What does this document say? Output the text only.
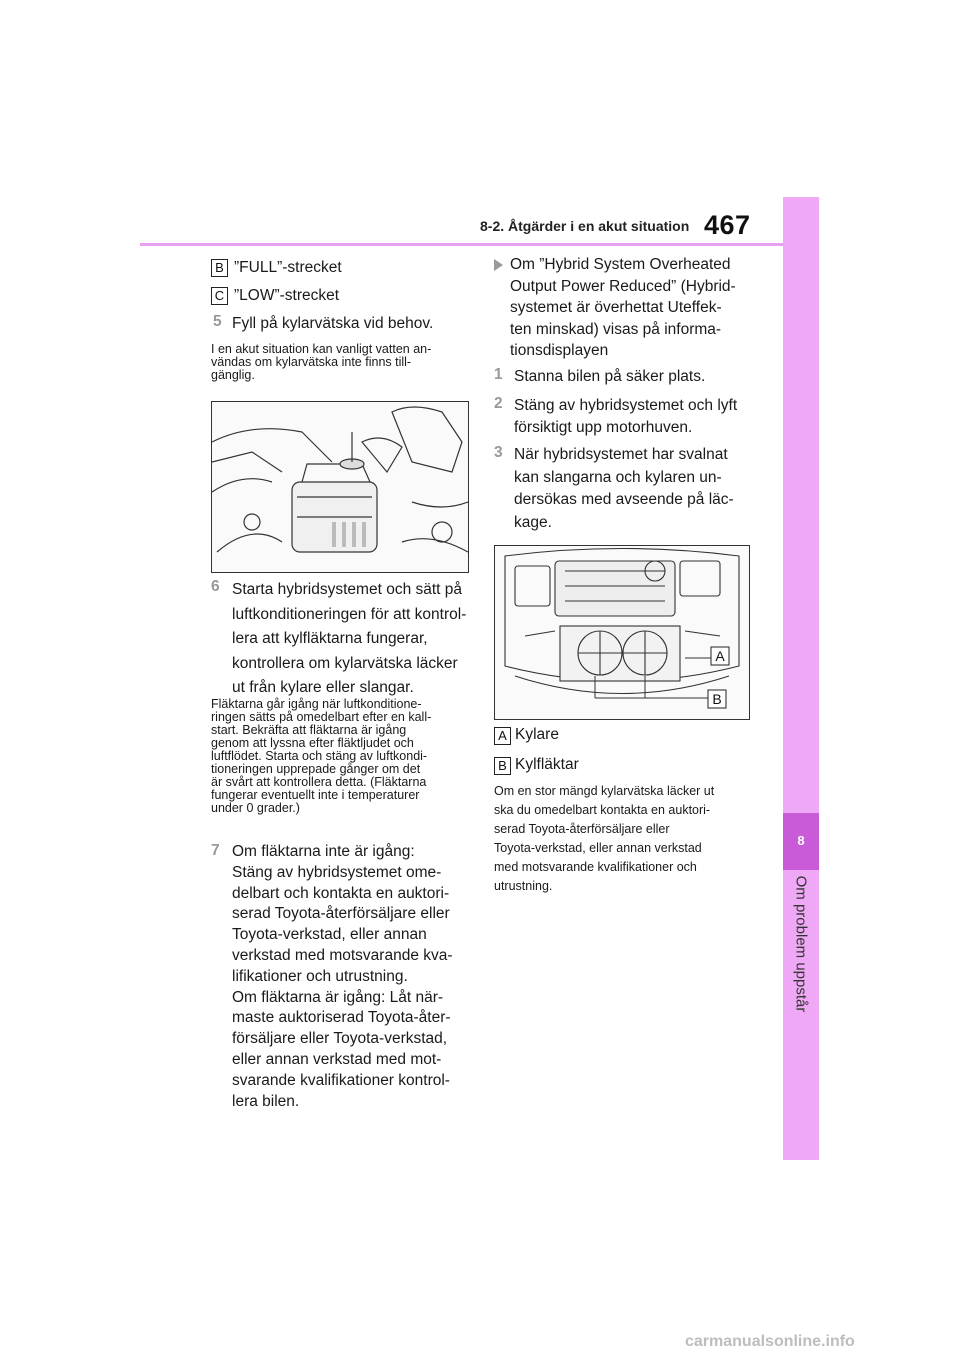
8-2. Åtgärder i en akut situation 467
8
Om problem uppstår
B ”FULL”-strecket
C ”LOW”-strecket
5 Fyll på kylarvätska vid behov.

I en akut situation kan vanligt vatten an-

vändas om kylarvätska inte finns till-

gänglig.

6 Starta hybridsystemet och sätt på

luftkonditioneringen för att kontrol-

lera att kylfläktarna fungerar,

kontrollera om kylarvätska läcker

ut från kylare eller slangar.

Fläktarna går igång när luftkonditione-

ringen sätts på omedelbart efter en kall-

start. Bekräfta att fläktarna är igång

genom att lyssna efter fläktljudet och

luftflödet. Starta och stäng av luftkondi-

tioneringen upprepade gånger om det

är svårt att kontrollera detta. (Fläktarna

fungerar eventuellt inte i temperaturer

under 0 grader.)

7 Om fläktarna inte är igång:

Stäng av hybridsystemet ome-

delbart och kontakta en auktori-

serad Toyota-återförsäljare eller

Toyota-verkstad, eller annan

verkstad med motsvarande kva-

lifikationer och utrustning.

Om fläktarna är igång: Låt när-

maste auktoriserad Toyota-åter-

försäljare eller Toyota-verkstad,

eller annan verkstad med mot-

svarande kvalifikationer kontrol-

lera bilen.

Om ”Hybrid System Overheated

Output Power Reduced” (Hybrid-

systemet är överhettat Uteffek-

ten minskad) visas på informa-

tionsdisplayen

1 Stanna bilen på säker plats.
2 Stäng av hybridsystemet och lyft

försiktigt upp motorhuven.

3 När hybridsystemet har svalnat

kan slangarna och kylaren un-

dersökas med avseende på läc-

kage.

A
B
A Kylare
B Kylfläktar

Om en stor mängd kylarvätska läcker ut

ska du omedelbart kontakta en auktori-

serad Toyota-återförsäljare eller

Toyota-verkstad, eller annan verkstad

med motsvarande kvalifikationer och

utrustning.

carmanualsonline.info
